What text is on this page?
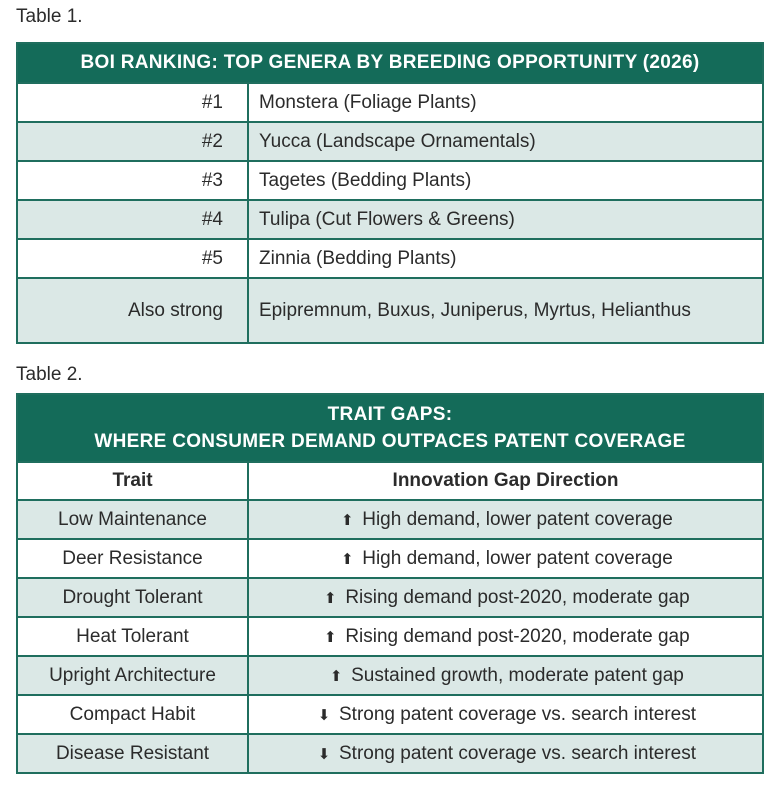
Table 1.
BOI RANKING: TOP GENERA BY BREEDING OPPORTUNITY (2026)	
#1	Monstera (Foliage Plants)
#2	Yucca (Landscape Ornamentals)
#3	Tagetes (Bedding Plants)
#4	Tulipa (Cut Flowers & Greens)
#5	Zinnia (Bedding Plants)
Also strong	Epipremnum, Buxus, Juniperus, Myrtus, Helianthus
Table 2.
TRAIT GAPS:
WHERE CONSUMER DEMAND OUTPACES PATENT COVERAGE	

Trait	Innovation Gap Direction
Low Maintenance	⬆ High demand, lower patent coverage
Deer Resistance	⬆ High demand, lower patent coverage
Drought Tolerant	⬆ Rising demand post-2020, moderate gap
Heat Tolerant	⬆ Rising demand post-2020, moderate gap
Upright Architecture	⬆ Sustained growth, moderate patent gap
Compact Habit	⬇ Strong patent coverage vs. search interest
Disease Resistant	⬇ Strong patent coverage vs. search interest
